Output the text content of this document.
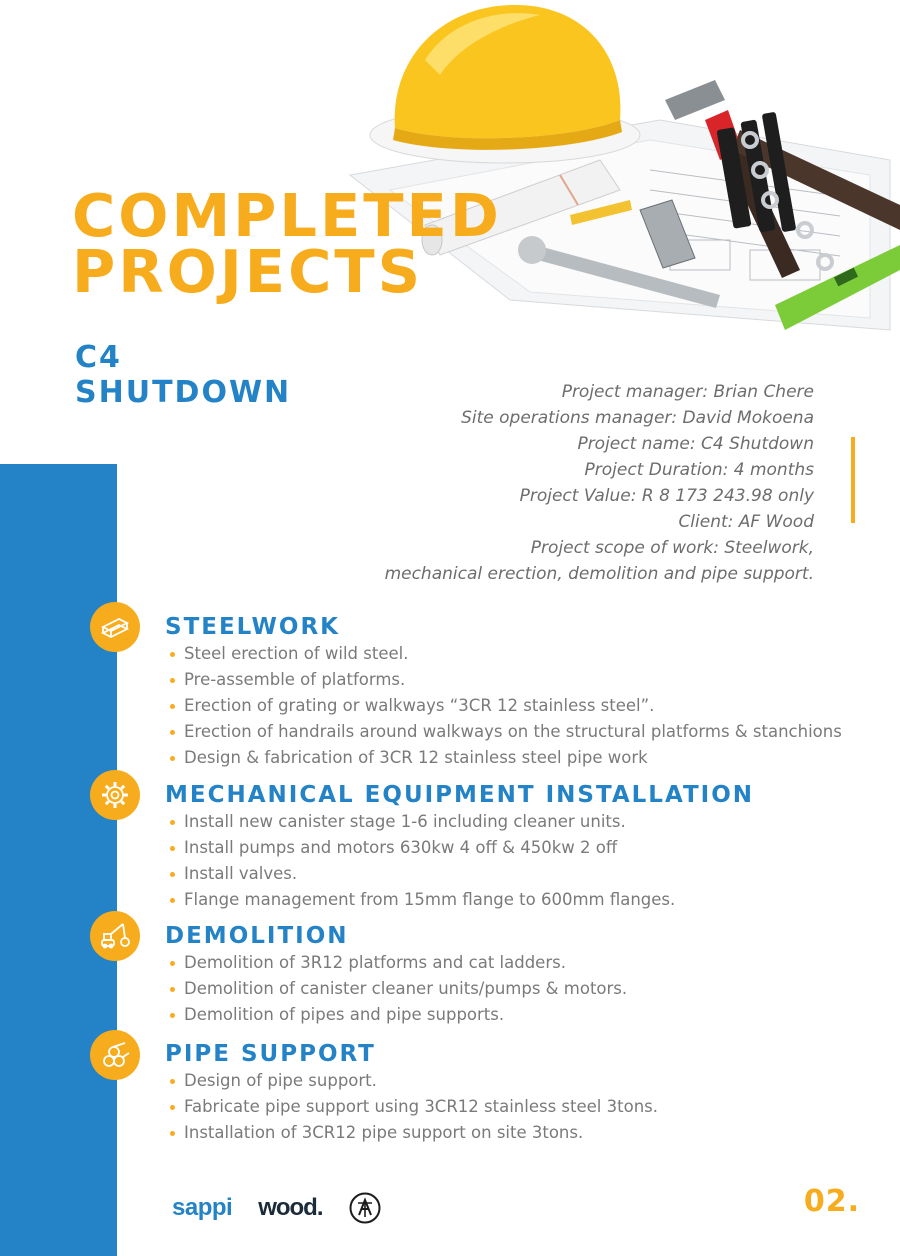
COMPLETED
PROJECTS
C4
SHUTDOWN	Project manager: Brian Chere
Site operations manager: David Mokoena
Project name: C4 Shutdown
Project Duration: 4 months
Project Value: R 8 173 243.98 only
Client: AF Wood
Project scope of work: Steelwork,
mechanical erection, demolition and pipe support.
STEELWORK
Steel erection of wild steel.
Pre-assemble of platforms.
Erection of grating or walkways “3CR 12 stainless steel”.
Erection of handrails around walkways on the structural platforms & stanchions
Design & fabrication of 3CR 12 stainless steel pipe work
MECHANICAL EQUIPMENT INSTALLATION
Install new canister stage 1-6 including cleaner units.
Install pumps and motors 630kw 4 off & 450kw 2 off
Install valves.
Flange management from 15mm flange to 600mm flanges.
DEMOLITION
Demolition of 3R12 platforms and cat ladders.
Demolition of canister cleaner units/pumps & motors.
Demolition of pipes and pipe supports.
PIPE SUPPORT
Design of pipe support.
Fabricate pipe support using 3CR12 stainless steel 3tons.
Installation of 3CR12 pipe support on site 3tons.
sappi wood.	02.
